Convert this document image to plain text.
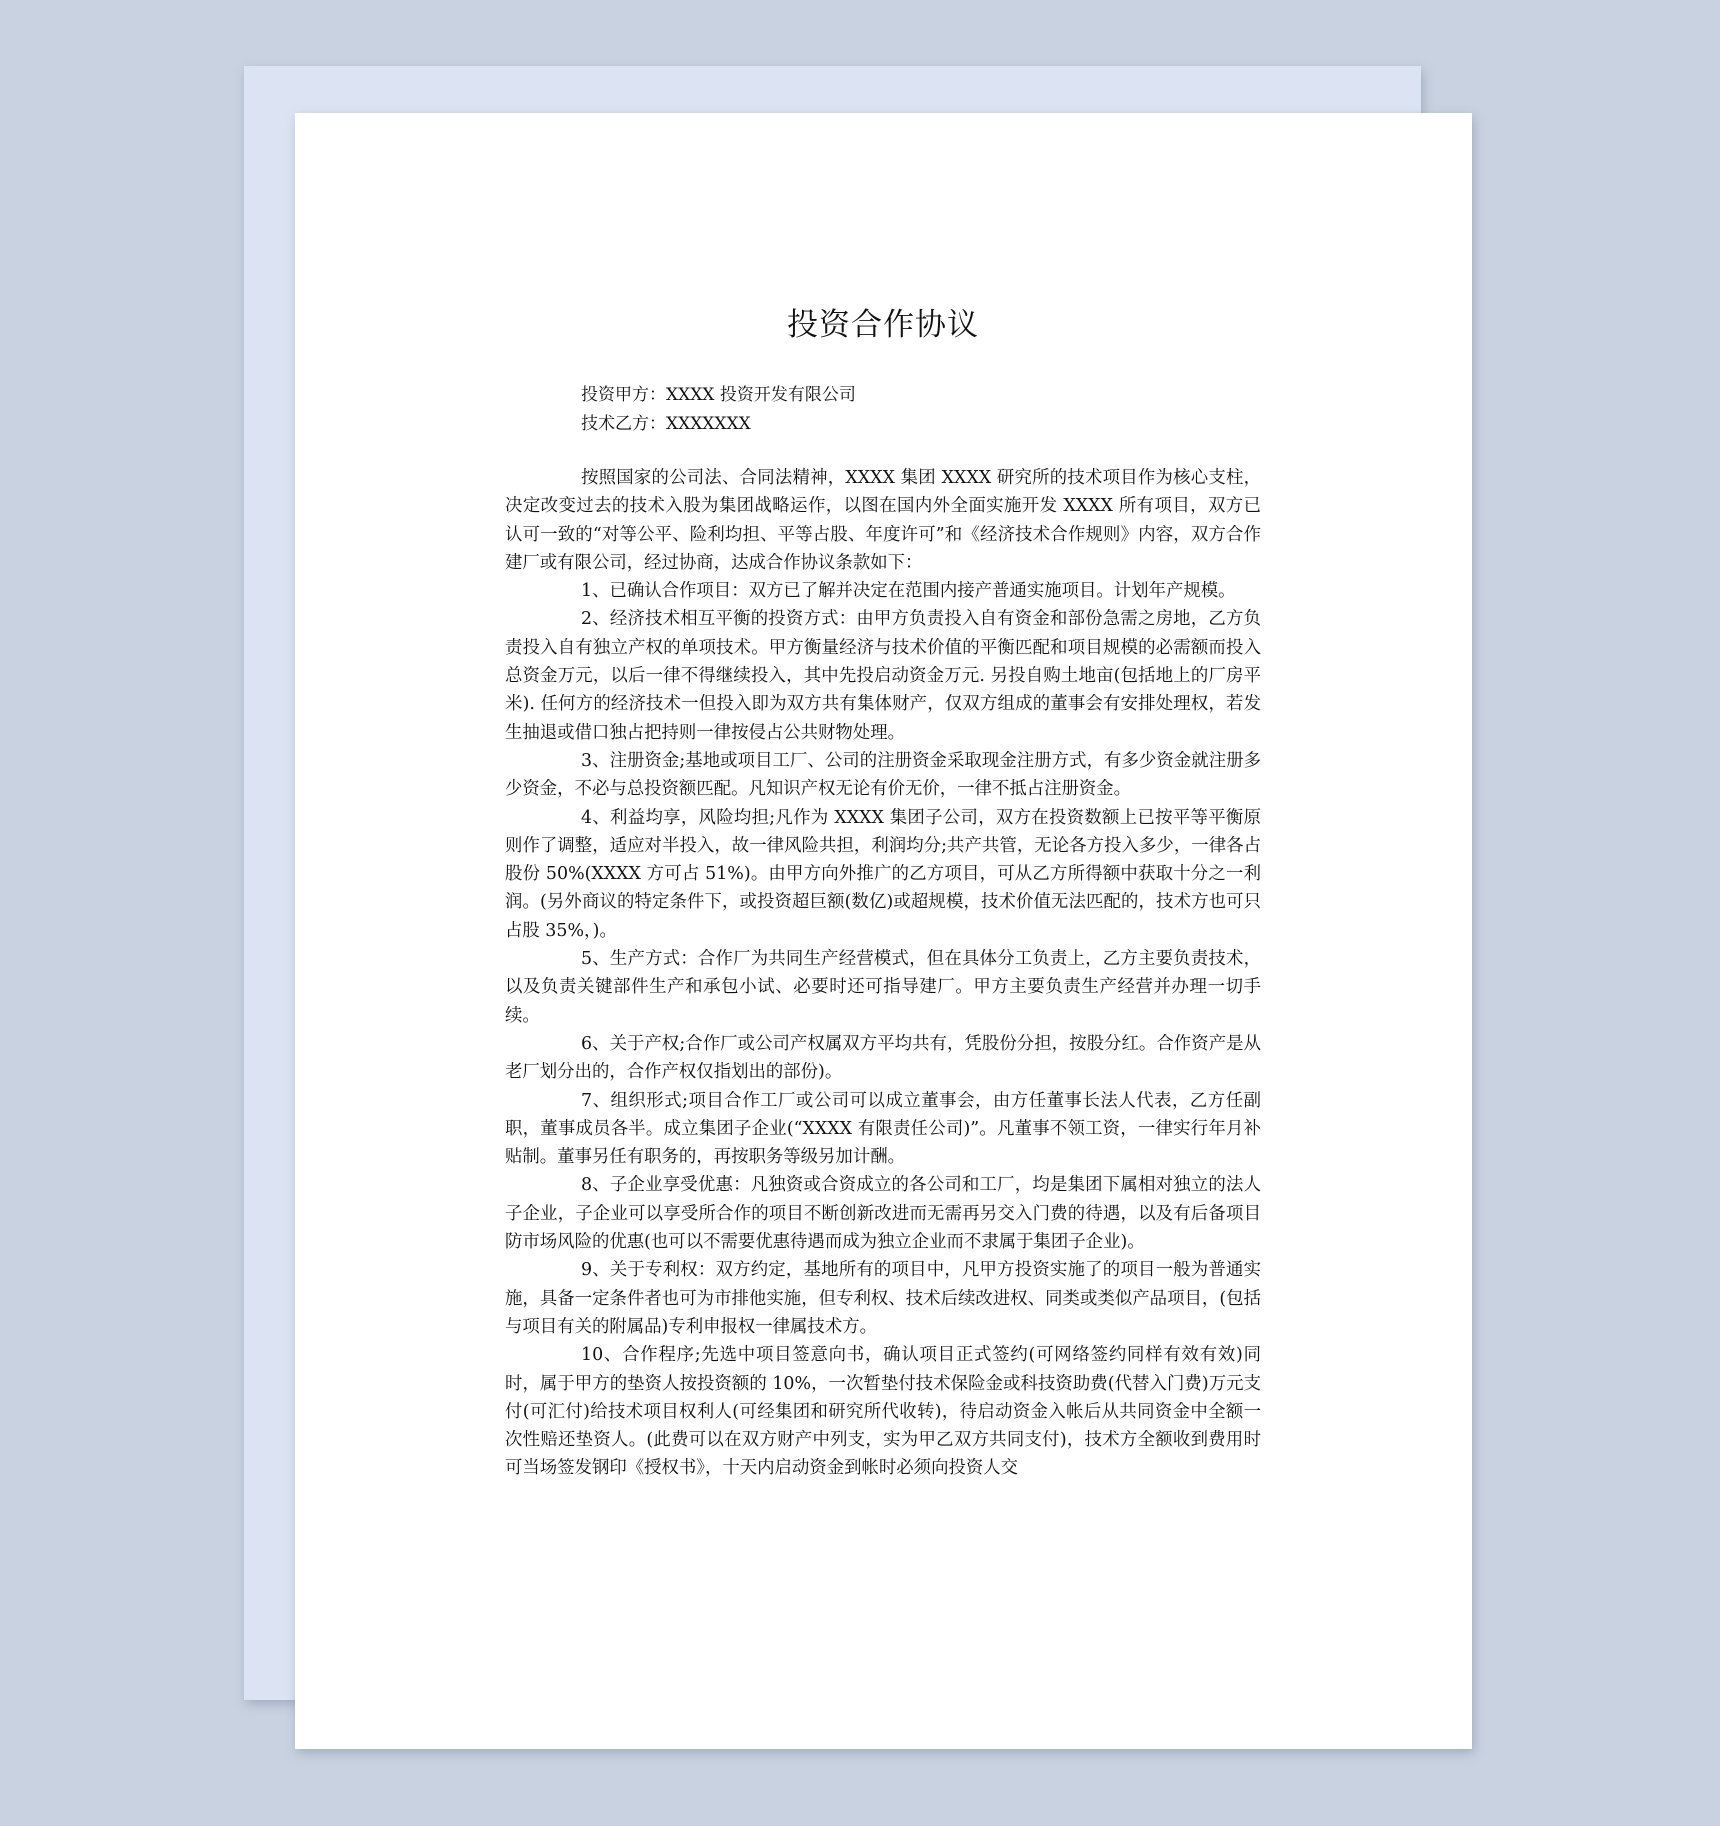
投资合作协议
投资甲方：XXXX 投资开发有限公司
技术乙方：XXXXXXX

按照国家的公司法、合同法精神，XXXX 集团 XXXX 研究所的技术项目作为核心支柱，决定改变过去的技术入股为集团战略运作，以图在国内外全面实施开发 XXXX 所有项目，双方已认可一致的“对等公平、险利均担、平等占股、年度许可”和《经济技术合作规则》内容，双方合作建厂或有限公司，经过协商，达成合作协议条款如下：

1、已确认合作项目：双方已了解并决定在范围内接产普通实施项目。计划年产规模。

2、经济技术相互平衡的投资方式：由甲方负责投入自有资金和部份急需之房地，乙方负责投入自有独立产权的单项技术。甲方衡量经济与技术价值的平衡匹配和项目规模的必需额而投入总资金万元，以后一律不得继续投入，其中先投启动资金万元. 另投自购土地亩(包括地上的厂房平米). 任何方的经济技术一但投入即为双方共有集体财产，仅双方组成的董事会有安排处理权，若发生抽退或借口独占把持则一律按侵占公共财物处理。

3、注册资金;基地或项目工厂、公司的注册资金采取现金注册方式，有多少资金就注册多少资金，不必与总投资额匹配。凡知识产权无论有价无价，一律不抵占注册资金。

4、利益均享，风险均担;凡作为 XXXX 集团子公司，双方在投资数额上已按平等平衡原则作了调整，适应对半投入，故一律风险共担，利润均分;共产共管，无论各方投入多少，一律各占股份 50%(XXXX 方可占 51%)。由甲方向外推广的乙方项目，可从乙方所得额中获取十分之一利润。(另外商议的特定条件下，或投资超巨额(数亿)或超规模，技术价值无法匹配的，技术方也可只占股 35%，)。

5、生产方式：合作厂为共同生产经营模式，但在具体分工负责上，乙方主要负责技术，以及负责关键部件生产和承包小试、必要时还可指导建厂。甲方主要负责生产经营并办理一切手续。

6、关于产权;合作厂或公司产权属双方平均共有，凭股份分担，按股分红。合作资产是从老厂划分出的，合作产权仅指划出的部份)。

7、组织形式;项目合作工厂或公司可以成立董事会，由方任董事长法人代表，乙方任副职，董事成员各半。成立集团子企业(“XXXX 有限责任公司)”。凡董事不领工资，一律实行年月补贴制。董事另任有职务的，再按职务等级另加计酬。

8、子企业享受优惠：凡独资或合资成立的各公司和工厂，均是集团下属相对独立的法人子企业，子企业可以享受所合作的项目不断创新改进而无需再另交入门费的待遇，以及有后备项目防市场风险的优惠(也可以不需要优惠待遇而成为独立企业而不隶属于集团子企业)。

9、关于专利权：双方约定，基地所有的项目中，凡甲方投资实施了的项目一般为普通实施，具备一定条件者也可为市排他实施，但专利权、技术后续改进权、同类或类似产品项目，(包括与项目有关的附属品)专利申报权一律属技术方。

10、合作程序;先选中项目签意向书，确认项目正式签约(可网络签约同样有效有效)同时，属于甲方的垫资人按投资额的 10%，一次暂垫付技术保险金或科技资助费(代替入门费)万元支付(可汇付)给技术项目权利人(可经集团和研究所代收转)，待启动资金入帐后从共同资金中全额一次性赔还垫资人。(此费可以在双方财产中列支，实为甲乙双方共同支付)，技术方全额收到费用时可当场签发钢印《授权书》，十天内启动资金到帐时必须向投资人交
